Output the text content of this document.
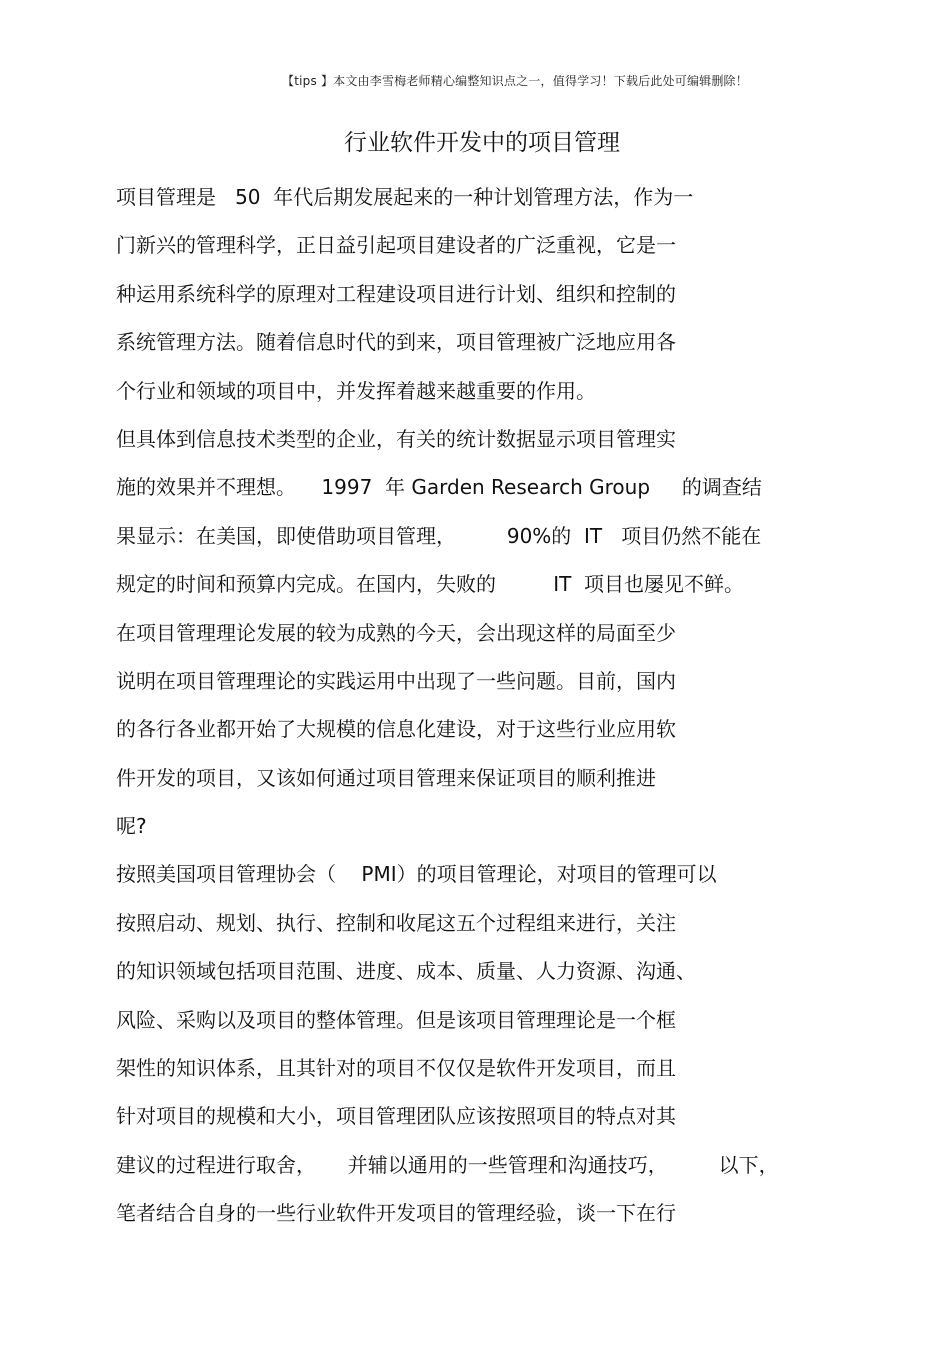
【tips 】本文由李雪梅老师精心编整知识点之一，值得学习！下载后此处可编辑删除！
行业软件开发中的项目管理
项目管理是   50  年代后期发展起来的一种计划管理方法，作为一
门新兴的管理科学，正日益引起项目建设者的广泛重视，它是一
种运用系统科学的原理对工程建设项目进行计划、组织和控制的
系统管理方法。随着信息时代的到来，项目管理被广泛地应用各
个行业和领域的项目中，并发挥着越来越重要的作用。
但具体到信息技术类型的企业，有关的统计数据显示项目管理实
施的效果并不理想。    1997  年 Garden Research Group     的调查结
果显示：在美国，即使借助项目管理，        90%的  IT   项目仍然不能在
规定的时间和预算内完成。在国内，失败的         IT  项目也屡见不鲜。
在项目管理理论发展的较为成熟的今天，会出现这样的局面至少
说明在项目管理理论的实践运用中出现了一些问题。目前，国内
的各行各业都开始了大规模的信息化建设，对于这些行业应用软
件开发的项目，又该如何通过项目管理来保证项目的顺利推进
呢?
按照美国项目管理协会（    PMI）的项目管理论，对项目的管理可以
按照启动、规划、执行、控制和收尾这五个过程组来进行，关注
的知识领域包括项目范围、进度、成本、质量、人力资源、沟通、
风险、采购以及项目的整体管理。但是该项目管理理论是一个框
架性的知识体系，且其针对的项目不仅仅是软件开发项目，而且
针对项目的规模和大小，项目管理团队应该按照项目的特点对其
建议的过程进行取舍，     并辅以通用的一些管理和沟通技巧，        以下，
笔者结合自身的一些行业软件开发项目的管理经验，谈一下在行
